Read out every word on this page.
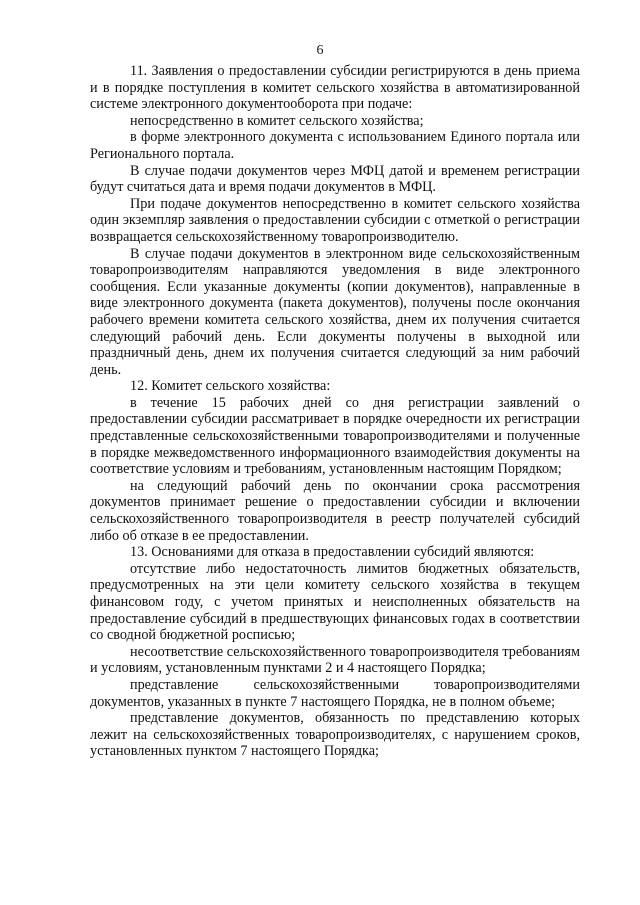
6

11. Заявления о предоставлении субсидии регистрируются в день приема и в порядке поступления в комитет сельского хозяйства в автоматизированной системе электронного документооборота при подаче:

непосредственно в комитет сельского хозяйства;

в форме электронного документа с использованием Единого портала или Регионального портала.

В случае подачи документов через МФЦ датой и временем регистрации будут считаться дата и время подачи документов в МФЦ.

При подаче документов непосредственно в комитет сельского хозяйства один экземпляр заявления о предоставлении субсидии с отметкой о регистрации возвращается сельскохозяйственному товаропроизводителю.

В случае подачи документов в электронном виде сельскохозяйственным товаропроизводителям направляются уведомления в виде электронного сообщения. Если указанные документы (копии документов), направленные в виде электронного документа (пакета документов), получены после окончания рабочего времени комитета сельского хозяйства, днем их получения считается следующий рабочий день. Если документы получены в выходной или праздничный день, днем их получения считается следующий за ним рабочий день.

12. Комитет сельского хозяйства:

в течение 15 рабочих дней со дня регистрации заявлений о предоставлении субсидии рассматривает в порядке очередности их регистрации представленные сельскохозяйственными товаропроизводителями и полученные в порядке межведомственного информационного взаимодействия документы на соответствие условиям и требованиям, установленным настоящим Порядком;

на следующий рабочий день по окончании срока рассмотрения документов принимает решение о предоставлении субсидии и включении сельскохозяйственного товаропроизводителя в реестр получателей субсидий либо об отказе в ее предоставлении.

13. Основаниями для отказа в предоставлении субсидий являются:

отсутствие либо недостаточность лимитов бюджетных обязательств, предусмотренных на эти цели комитету сельского хозяйства в текущем финансовом году, с учетом принятых и неисполненных обязательств на предоставление субсидий в предшествующих финансовых годах в соответствии со сводной бюджетной росписью;

несоответствие сельскохозяйственного товаропроизводителя требованиям и условиям, установленным пунктами 2 и 4 настоящего Порядка;

представление сельскохозяйственными товаропроизводителями документов, указанных в пункте 7 настоящего Порядка, не в полном объеме;

представление документов, обязанность по представлению которых лежит на сельскохозяйственных товаропроизводителях, с нарушением сроков, установленных пунктом 7 настоящего Порядка;
